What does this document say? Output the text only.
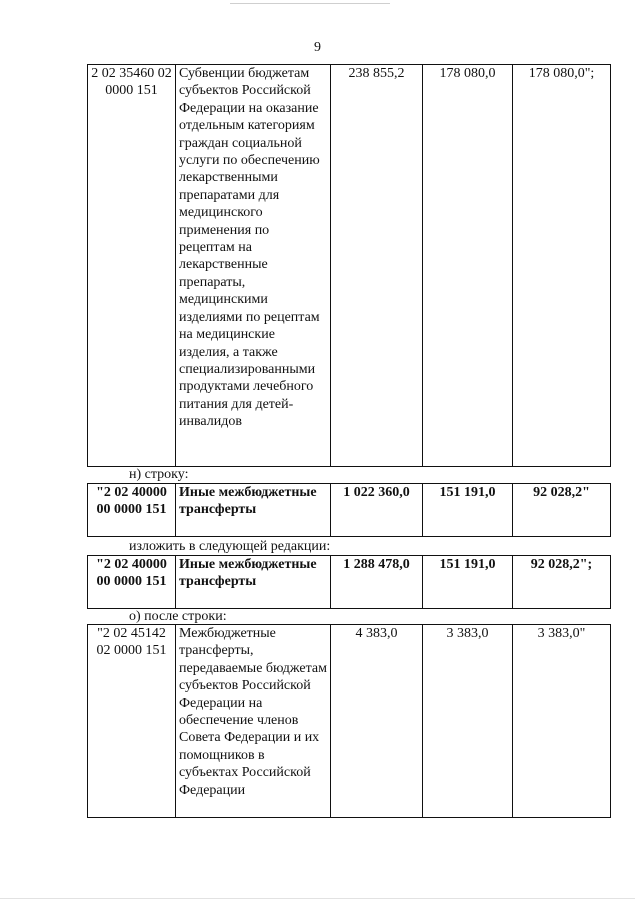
9
2 02 35460 02 0000 151	Субвенции бюджетам субъектов Российской Федерации на оказание отдельным категориям граждан социальной услуги по обеспечению лекарственными препаратами для медицинского применения по рецептам на лекарственные препараты, медицинскими изделиями по рецептам на медицинские изделия, а также специализированными продуктами лечебного питания для детей-инвалидов	238 855,2	178 080,0	178 080,0";
н) строку:
"2 02 40000 00 0000 151	Иные межбюджетные трансферты	1 022 360,0	151 191,0	92 028,2"
изложить в следующей редакции:
"2 02 40000 00 0000 151	Иные межбюджетные трансферты	1 288 478,0	151 191,0	92 028,2";
о) после строки:
"2 02 45142 02 0000 151	Межбюджетные трансферты, передаваемые бюджетам субъектов Российской Федерации на обеспечение членов Совета Федерации и их помощников в субъектах Российской Федерации	4 383,0	3 383,0	3 383,0"
